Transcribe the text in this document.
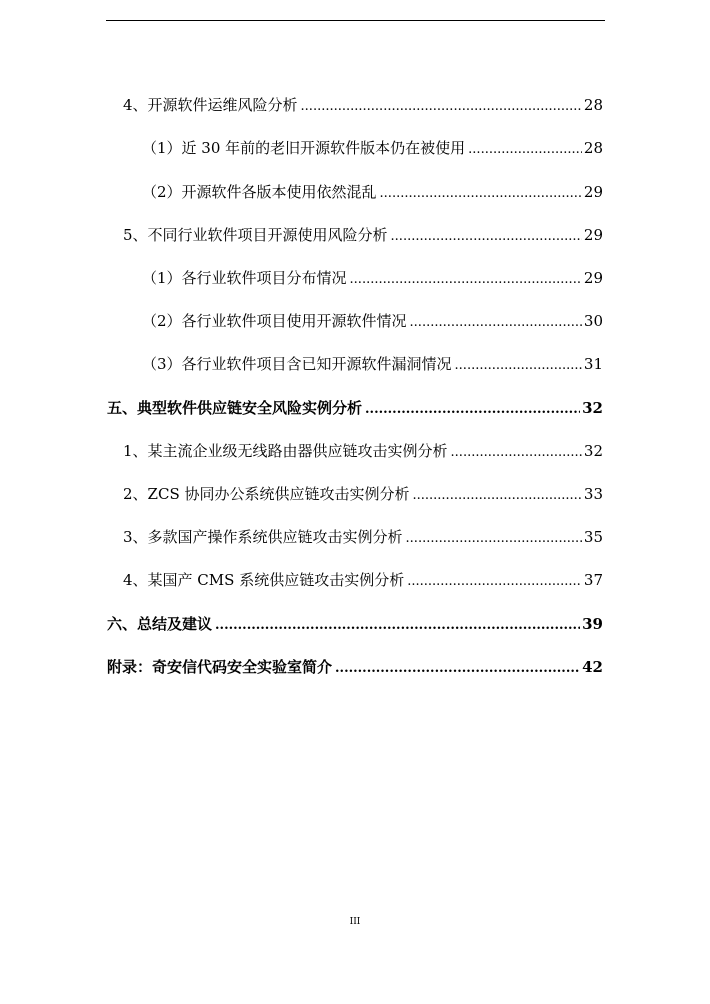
4、开源软件运维风险分析 .....	28
（1）近 30 年前的老旧开源软件版本仍在被使用 .....	28
（2）开源软件各版本使用依然混乱 .....	29
5、不同行业软件项目开源使用风险分析 .....	29
（1）各行业软件项目分布情况 .....	29
（2）各行业软件项目使用开源软件情况 .....	30
（3）各行业软件项目含已知开源软件漏洞情况 .....	31
五、典型软件供应链安全风险实例分析 .....	32
1、某主流企业级无线路由器供应链攻击实例分析 .....	32
2、ZCS 协同办公系统供应链攻击实例分析 .....	33
3、多款国产操作系统供应链攻击实例分析 .....	35
4、某国产 CMS 系统供应链攻击实例分析 .....	37
六、总结及建议 .....	39
附录：奇安信代码安全实验室简介 .....	42
III
